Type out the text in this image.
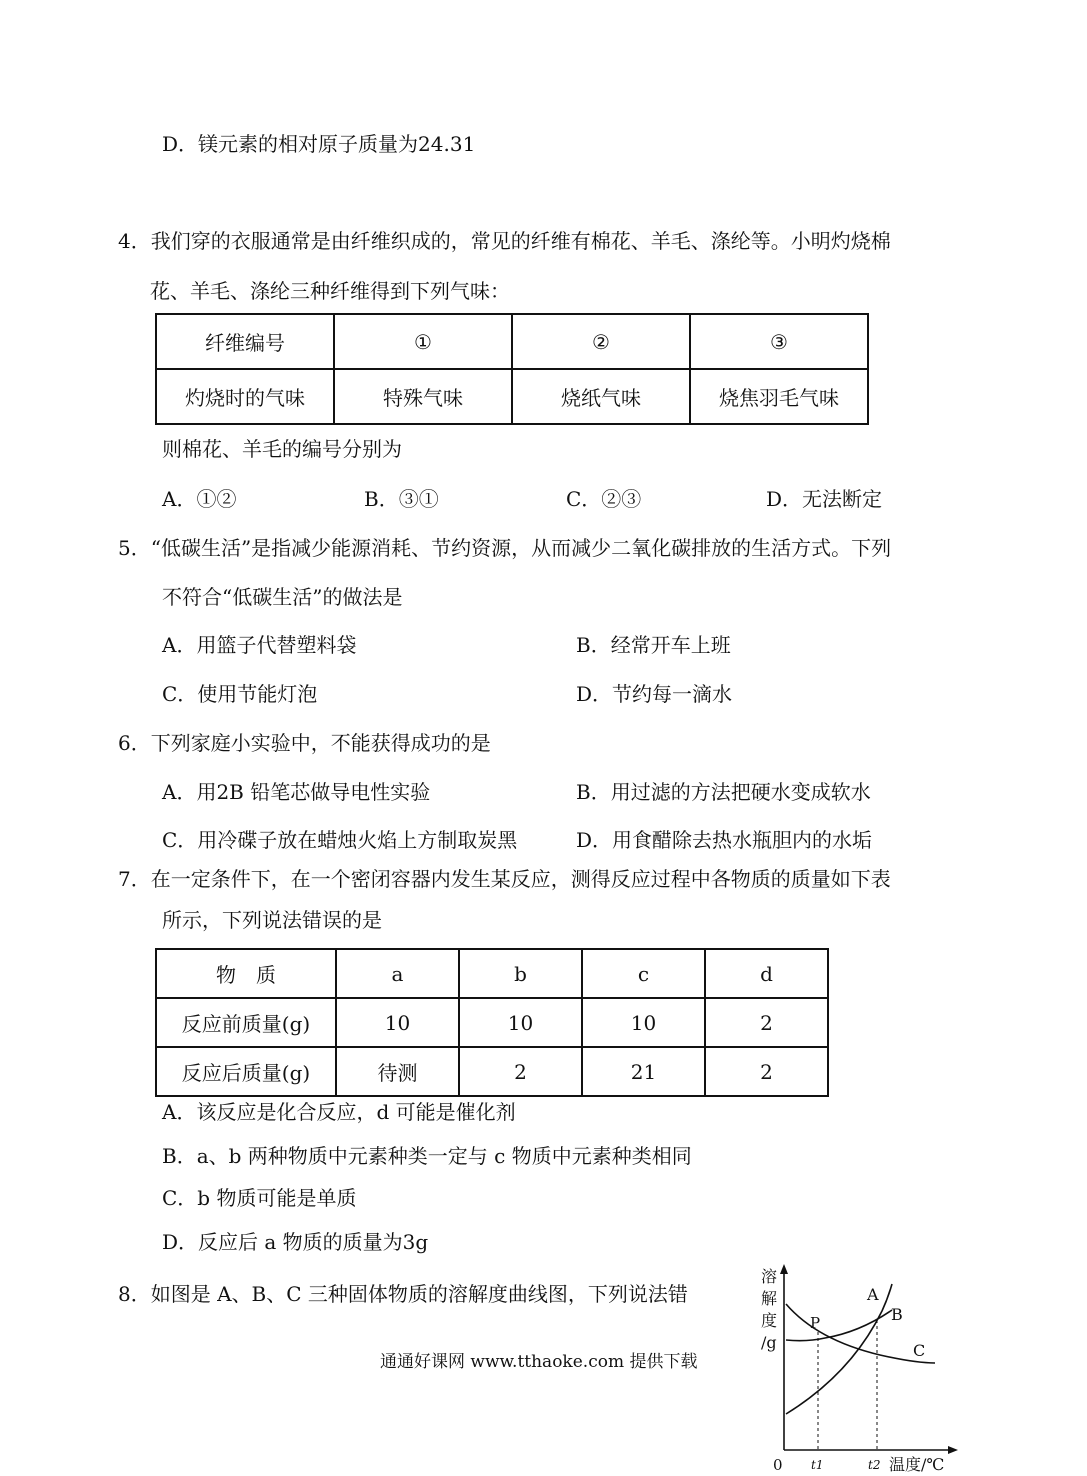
D．镁元素的相对原子质量为24.31
4．我们穿的衣服通常是由纤维织成的，常见的纤维有棉花、羊毛、涤纶等。小明灼烧棉
花、羊毛、涤纶三种纤维得到下列气味：
纤维编号	①	②	③
灼烧时的气味	特殊气味	烧纸气味	烧焦羽毛气味
则棉花、羊毛的编号分别为
A．①②	B．③①	C．②③	D．无法断定
5．“低碳生活”是指减少能源消耗、节约资源，从而减少二氧化碳排放的生活方式。下列
不符合“低碳生活”的做法是
A．用篮子代替塑料袋	B．经常开车上班
C．使用节能灯泡	D．节约每一滴水
6．下列家庭小实验中，不能获得成功的是
A．用2B 铅笔芯做导电性实验	B．用过滤的方法把硬水变成软水
C．用冷碟子放在蜡烛火焰上方制取炭黑	D．用食醋除去热水瓶胆内的水垢
7．在一定条件下，在一个密闭容器内发生某反应，测得反应过程中各物质的质量如下表
所示，下列说法错误的是
物　质	a	b	c	d
反应前质量(g)	10	10	10	2
反应后质量(g)	待测	2	21	2
A．该反应是化合反应，d 可能是催化剂
B．a、b 两种物质中元素种类一定与 c 物质中元素种类相同
C．b 物质可能是单质
D．反应后 a 物质的质量为3g
8．如图是 A、B、C 三种固体物质的溶解度曲线图，下列说法错
通通好课网 www.tthaoke.com 提供下载
溶
解
度
/g
A
B
C
P
0 t1	t2 温度/℃
